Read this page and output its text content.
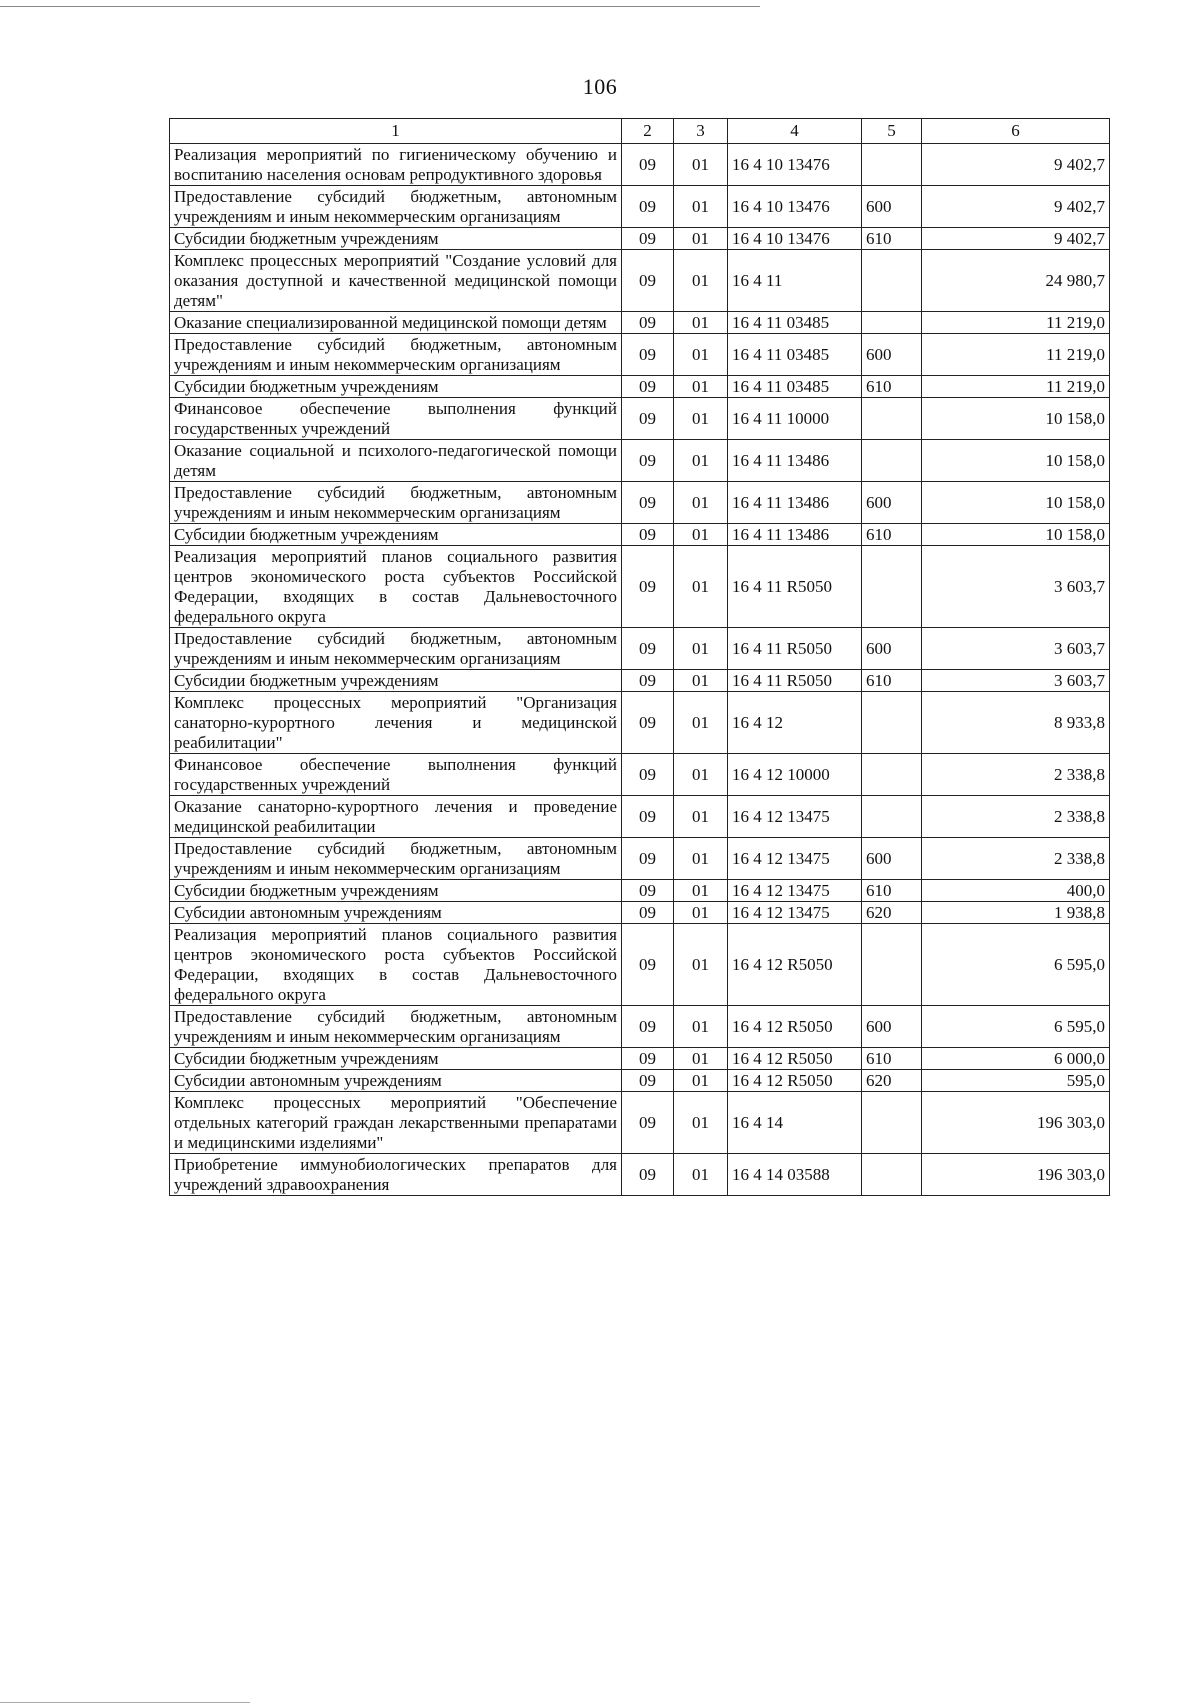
106
1	2	3	4	5	6
Реализация мероприятий по гигиеническому обучению и воспитанию населения основам репродуктивного здоровья	09	01	16 4 10 13476		9 402,7
Предоставление субсидий бюджетным, автономным учреждениям и иным некоммерческим организациям	09	01	16 4 10 13476	600	9 402,7
Субсидии бюджетным учреждениям	09	01	16 4 10 13476	610	9 402,7
Комплекс процессных мероприятий "Создание условий для оказания доступной и качественной медицинской помощи детям"	09	01	16 4 11		24 980,7
Оказание специализированной медицинской помощи детям	09	01	16 4 11 03485		11 219,0
Предоставление субсидий бюджетным, автономным учреждениям и иным некоммерческим организациям	09	01	16 4 11 03485	600	11 219,0
Субсидии бюджетным учреждениям	09	01	16 4 11 03485	610	11 219,0
Финансовое обеспечение выполнения функций государственных учреждений	09	01	16 4 11 10000		10 158,0
Оказание социальной и психолого-педагогической помощи детям	09	01	16 4 11 13486		10 158,0
Предоставление субсидий бюджетным, автономным учреждениям и иным некоммерческим организациям	09	01	16 4 11 13486	600	10 158,0
Субсидии бюджетным учреждениям	09	01	16 4 11 13486	610	10 158,0
Реализация мероприятий планов социального развития центров экономического роста субъектов Российской Федерации, входящих в состав Дальневосточного федерального округа	09	01	16 4 11 R5050		3 603,7
Предоставление субсидий бюджетным, автономным учреждениям и иным некоммерческим организациям	09	01	16 4 11 R5050	600	3 603,7
Субсидии бюджетным учреждениям	09	01	16 4 11 R5050	610	3 603,7
Комплекс процессных мероприятий "Организация санаторно-курортного лечения и медицинской реабилитации"	09	01	16 4 12		8 933,8
Финансовое обеспечение выполнения функций государственных учреждений	09	01	16 4 12 10000		2 338,8
Оказание санаторно-курортного лечения и проведение медицинской реабилитации	09	01	16 4 12 13475		2 338,8
Предоставление субсидий бюджетным, автономным учреждениям и иным некоммерческим организациям	09	01	16 4 12 13475	600	2 338,8
Субсидии бюджетным учреждениям	09	01	16 4 12 13475	610	400,0
Субсидии автономным учреждениям	09	01	16 4 12 13475	620	1 938,8
Реализация мероприятий планов социального развития центров экономического роста субъектов Российской Федерации, входящих в состав Дальневосточного федерального округа	09	01	16 4 12 R5050		6 595,0
Предоставление субсидий бюджетным, автономным учреждениям и иным некоммерческим организациям	09	01	16 4 12 R5050	600	6 595,0
Субсидии бюджетным учреждениям	09	01	16 4 12 R5050	610	6 000,0
Субсидии автономным учреждениям	09	01	16 4 12 R5050	620	595,0
Комплекс процессных мероприятий "Обеспечение отдельных категорий граждан лекарственными препаратами и медицинскими изделиями"	09	01	16 4 14		196 303,0
Приобретение иммунобиологических препаратов для учреждений здравоохранения	09	01	16 4 14 03588		196 303,0
